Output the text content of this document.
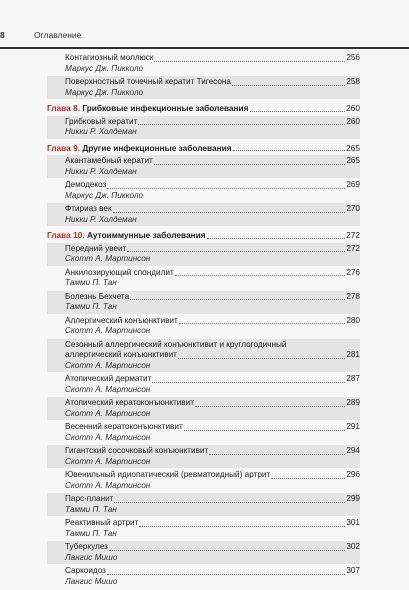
8	Оглавление
Контагиозный моллюск	256
Маркус Дж. Пикколо
Поверхностный точечный кератит Тигесона	258
Маркус Дж. Пикколо
Глава 8. Грибковые инфекционные заболевания	260
Грибковый кератит	260
Никки Р. Холдеман
Глава 9. Другие инфекционные заболевания	265
Акантамебный кератит	265
Никки Р. Холдеман
Демодекоз	269
Маркус Дж. Пикколо
Фтириаз век	270
Никки Р. Холдеман
Глава 10. Аутоиммунные заболевания	272
Передний увеит	272
Скотт А. Мартинсон
Анкилозирующий спондилит	276
Тамми П. Тан
Болезнь Бехчета	278
Тамми П. Тан
Аллергический конъюнктивит	280
Скотт А. Мартинсон
Сезонный аллергический конъюнктивит и круглогодичный
аллергический конъюнктивит	281
Скотт А. Мартинсон
Атопический дерматит	287
Скотт А. Мартинсон
Атопический кератоконъюнктивит	289
Скотт А. Мартинсон
Весенний кератоконъюнктивит	291
Скотт А. Мартинсон
Гигантский сосочковый конъюнктивит	294
Скотт А. Мартинсон
Ювенильный идиопатический (ревматоидный) артрит	296
Скотт А. Мартинсон
Парс-планит	299
Тамми П. Тан
Реактивный артрит	301
Тамми П. Тан
Туберкулез	302
Лангис Мишо
Саркоидоз	307
Лангис Мишо
